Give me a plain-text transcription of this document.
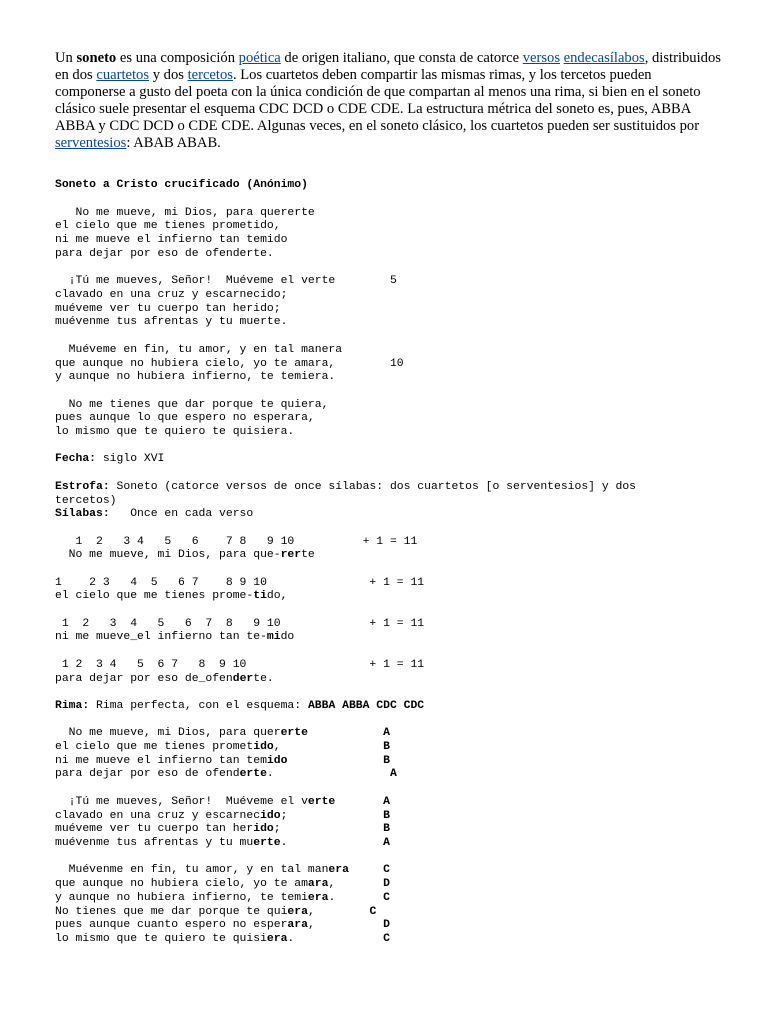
Un soneto es una composición poética de origen italiano, que consta de catorce versos endecasílabos, distribuidos en dos cuartetos y dos tercetos. Los cuartetos deben compartir las mismas rimas, y los tercetos pueden componerse a gusto del poeta con la única condición de que compartan al menos una rima, si bien en el soneto clásico suele presentar el esquema CDC DCD o CDE CDE. La estructura métrica del soneto es, pues, ABBA ABBA y CDC DCD o CDE CDE. Algunas veces, en el soneto clásico, los cuartetos pueden ser sustituidos por serventesios: ABAB ABAB.

Soneto a Cristo crucificado (Anónimo)
No me mueve, mi Dios, para quererte
el cielo que me tienes prometido,
ni me mueve el infierno tan temido
para dejar por eso de ofenderte.

¡Tú me mueves, Señor!  Muéveme el verte        5
clavado en una cruz y escarnecido;
muéveme ver tu cuerpo tan herido;
muévenme tus afrentas y tu muerte.

Muéveme en fin, tu amor, y en tal manera
que aunque no hubiera cielo, yo te amara,        10
y aunque no hubiera infierno, te temiera.

No me tienes que dar porque te quiera,
pues aunque lo que espero no esperara,
lo mismo que te quiero te quisiera.
Fecha: siglo XVI
Estrofa: Soneto (catorce versos de once sílabas: dos cuartetos [o serventesios] y dos
tercetos)
Sílabas:   Once en cada verso
1  2   3 4   5   6    7 8   9 10          + 1 = 11
No me mueve, mi Dios, para que-rerte
1    2 3   4  5   6 7    8 9 10               + 1 = 11
el cielo que me tienes prome-tido,
1  2   3  4   5   6  7  8   9 10             + 1 = 11
ni me mueve_el infierno tan te-mido
1 2  3 4   5  6 7   8  9 10                  + 1 = 11
para dejar por eso de_ofenderte.
Rima: Rima perfecta, con el esquema: ABBA ABBA CDC CDC
No me mueve, mi Dios, para quererte	A
el cielo que me tienes prometido,               B
ni me mueve el infierno tan temido	B
para dejar por eso de ofenderte.                 A

¡Tú me mueves, Señor!  Muéveme el verte	A
clavado en una cruz y escarnecido;              B
muéveme ver tu cuerpo tan herido;               B
muévenme tus afrentas y tu muerte.              A

Muévenme en fin, tu amor, y en tal manera	C
que aunque no hubiera cielo, yo te amara,       D
y aunque no hubiera infierno, te temiera.       C
No tienes que me dar porque te quiera,        C
pues aunque cuanto espero no esperara,          D
lo mismo que te quiero te quisiera.             C
